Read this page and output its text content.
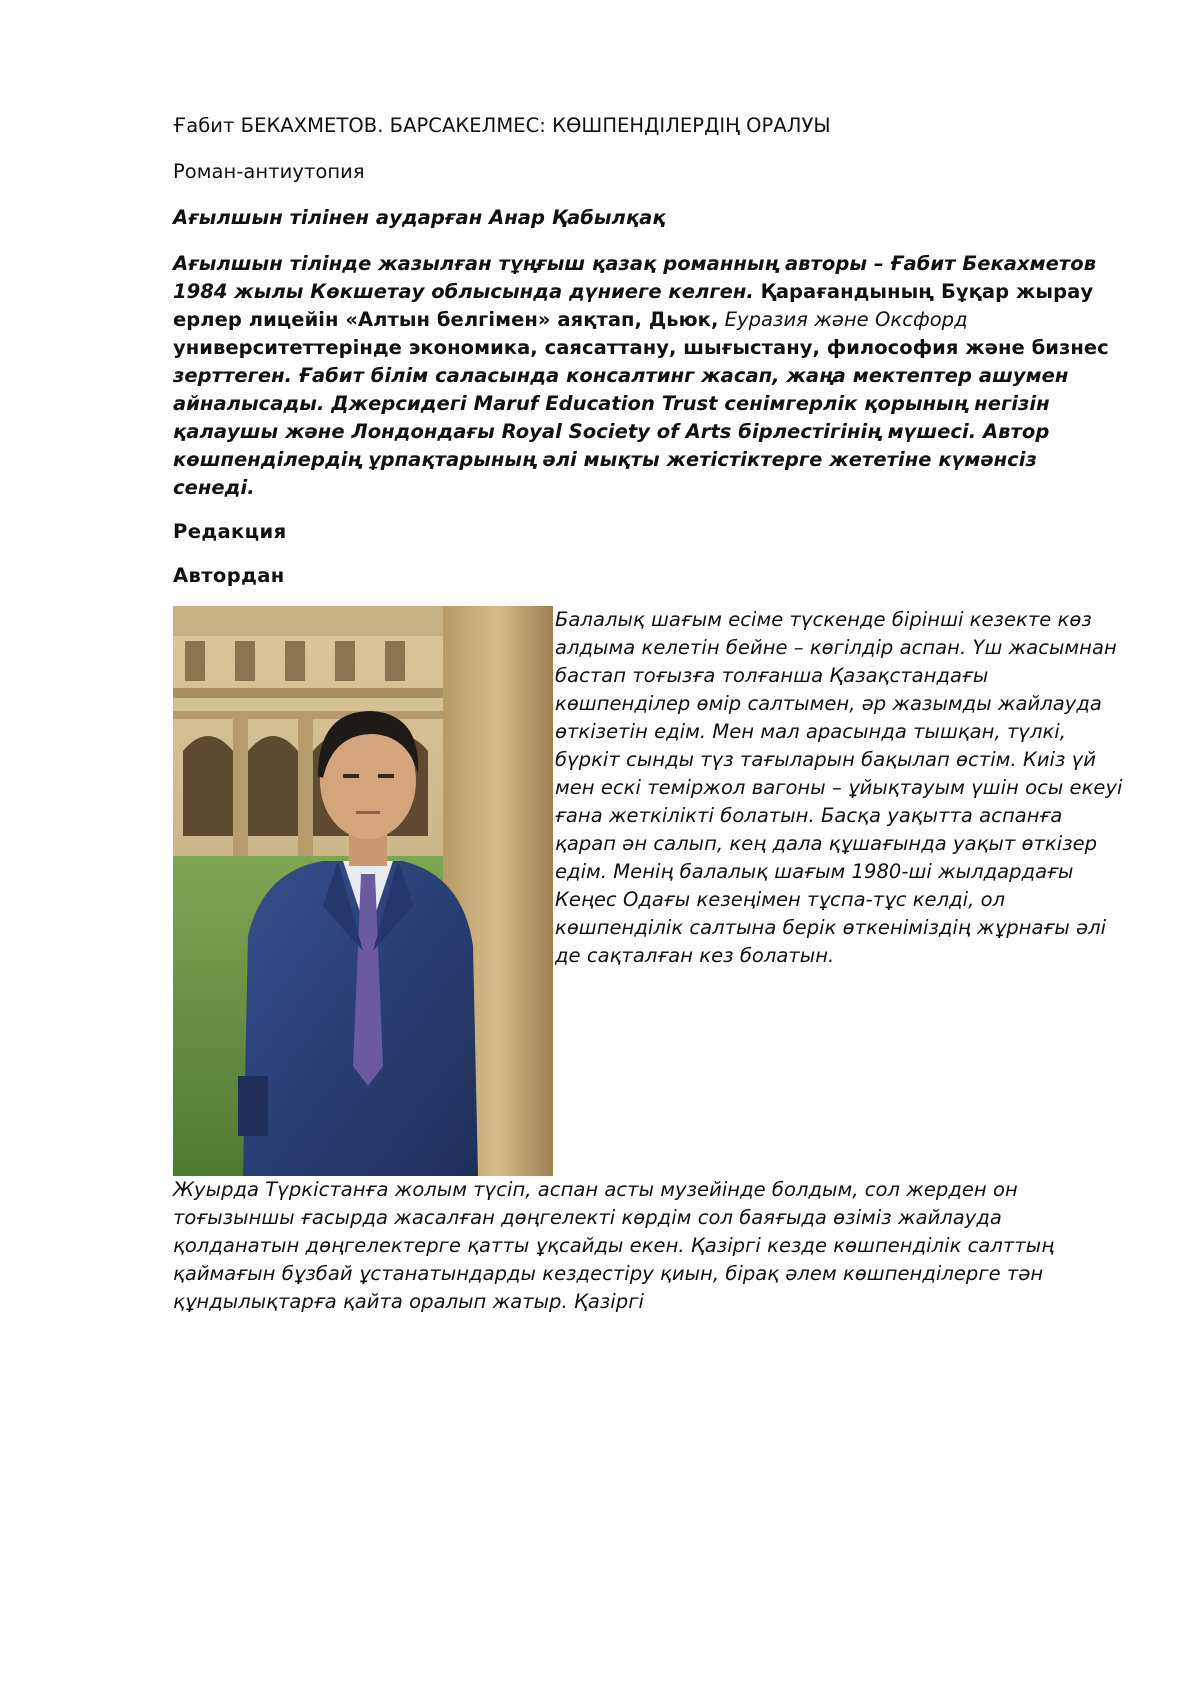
Ғабит БЕКАХМЕТОВ. БАРСАКЕЛМЕС: КӨШПЕНДІЛЕРДІҢ ОРАЛУЫ

Роман-антиутопия

Ағылшын тілінен аударған Анар Қабылқақ

Ағылшын тілінде жазылған тұңғыш қазақ романның авторы – Ғабит Бекахметов 1984 жылы Көкшетау облысында дүниеге келген. Қарағандының Бұқар жырау ерлер лицейін «Алтын белгімен» аяқтап, Дьюк, Еуразия және Оксфорд университеттерінде экономика, саясаттану, шығыстану, философия және бизнес зерттеген. Ғабит білім саласында консалтинг жасап, жаңа мектептер ашумен айналысады. Джерсидегі Maruf Education Trust сенімгерлік қорының негізін қалаушы және Лондондағы Royal Society of Arts бірлестігінің мүшесі. Автор көшпенділердің ұрпақтарының әлі мықты жетістіктерге жететіне күмәнсіз сенеді.

Редакция

Автордан

Балалық шағым есіме түскенде бірінші кезекте көз алдыма келетін бейне – көгілдір аспан. Үш жасымнан бастап тоғызға толғанша Қазақстандағы көшпенділер өмір салтымен, әр жазымды жайлауда өткізетін едім. Мен мал арасында тышқан, түлкі, бүркіт сынды түз тағыларын бақылап өстім. Киіз үй мен ескі теміржол вагоны – ұйықтауым үшін осы екеуі ғана жеткілікті болатын. Басқа уақытта аспанға қарап ән салып, кең дала құшағында уақыт өткізер едім. Менің балалық шағым 1980-ші жылдардағы Кеңес Одағы кезеңімен тұспа-тұс келді, ол көшпенділік салтына берік өткеніміздің жұрнағы әлі де сақталған кез болатын.

Жуырда Түркістанға жолым түсіп, аспан асты музейінде болдым, сол жерден он тоғызыншы ғасырда жасалған дөңгелекті көрдім сол баяғыда өзіміз жайлауда қолданатын дөңгелектерге қатты ұқсайды екен. Қазіргі кезде көшпенділік салттың қаймағын бұзбай ұстанатындарды кездестіру қиын, бірақ әлем көшпенділерге тән құндылықтарға қайта оралып жатыр. Қазіргі
